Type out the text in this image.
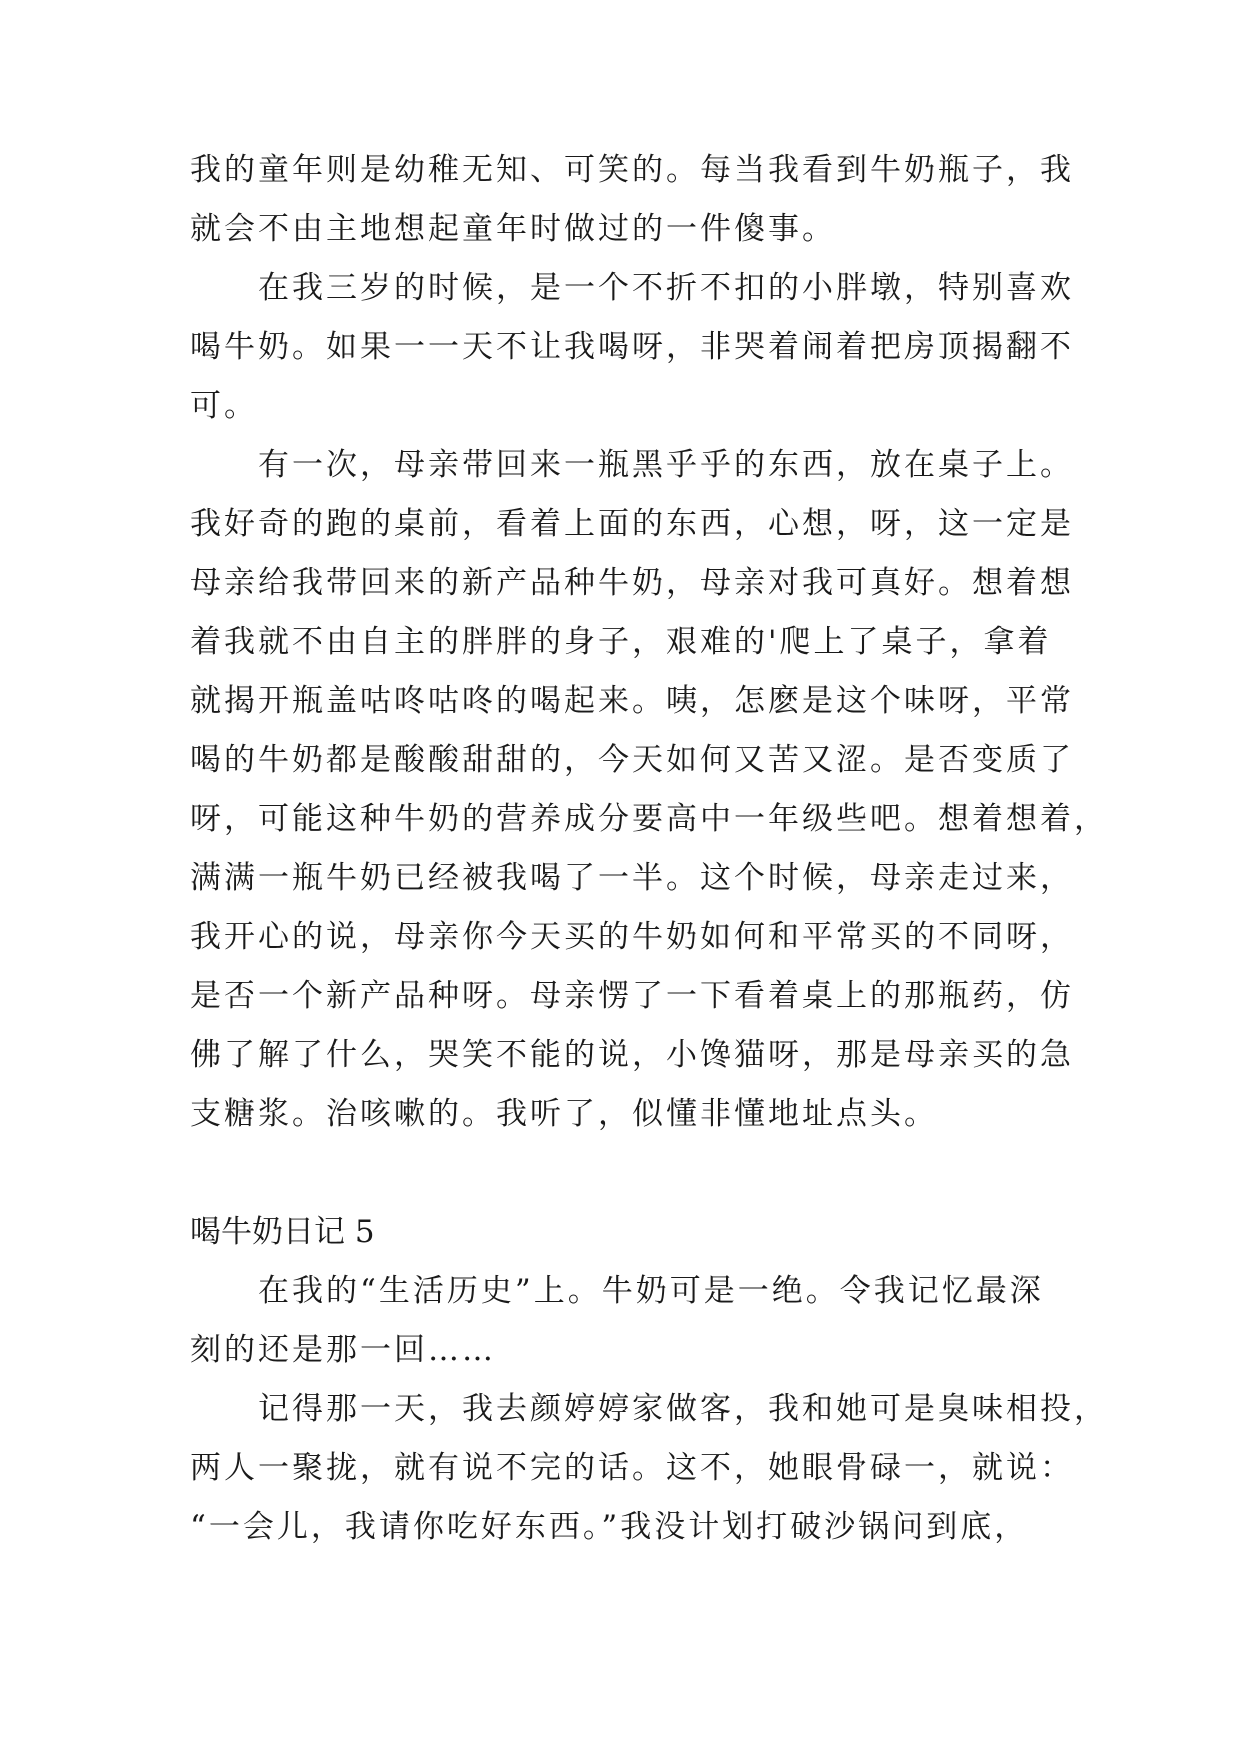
我的童年则是幼稚无知、可笑的。每当我看到牛奶瓶子，我
就会不由主地想起童年时做过的一件傻事。
　　在我三岁的时候，是一个不折不扣的小胖墩，特别喜欢
喝牛奶。如果一一天不让我喝呀，非哭着闹着把房顶揭翻不
可。
　　有一次，母亲带回来一瓶黑乎乎的东西，放在桌子上。
我好奇的跑的桌前，看着上面的东西，心想，呀，这一定是
母亲给我带回来的新产品种牛奶，母亲对我可真好。想着想
着我就不由自主的胖胖的身子，艰难的'爬上了桌子，拿着
就揭开瓶盖咕咚咕咚的喝起来。咦，怎麽是这个味呀，平常
喝的牛奶都是酸酸甜甜的，今天如何又苦又涩。是否变质了
呀，可能这种牛奶的营养成分要高中一年级些吧。想着想着，
满满一瓶牛奶已经被我喝了一半。这个时候，母亲走过来，
我开心的说，母亲你今天买的牛奶如何和平常买的不同呀，
是否一个新产品种呀。母亲愣了一下看着桌上的那瓶药，仿
佛了解了什么，哭笑不能的说，小馋猫呀，那是母亲买的急
支糖浆。治咳嗽的。我听了，似懂非懂地址点头。
喝牛奶日记 5
　　在我的“生活历史”上。牛奶可是一绝。令我记忆最深
刻的还是那一回……
　　记得那一天，我去颜婷婷家做客，我和她可是臭味相投，
两人一聚拢，就有说不完的话。这不，她眼骨碌一，就说：
“一会儿，我请你吃好东西。”我没计划打破沙锅问到底，
